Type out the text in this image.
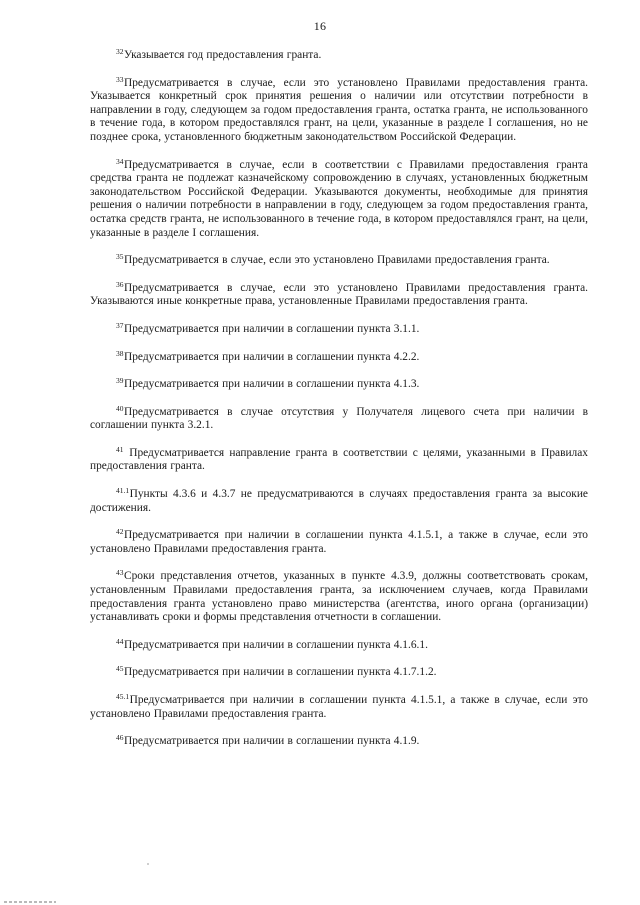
16

$^{32}$Указывается год предоставления гранта.

$^{33}$Предусматривается в случае, если это установлено Правилами предоставления гранта. Указывается конкретный срок принятия решения о наличии или отсутствии потребности в направлении в году, следующем за годом предоставления гранта, остатка гранта, не использованного в течение года, в котором предоставлялся грант, на цели, указанные в разделе I соглашения, но не позднее срока, установленного бюджетным законодательством Российской Федерации.

$^{34}$Предусматривается в случае, если в соответствии с Правилами предоставления гранта средства гранта не подлежат казначейскому сопровождению в случаях, установленных бюджетным законодательством Российской Федерации. Указываются документы, необходимые для принятия решения о наличии потребности в направлении в году, следующем за годом предоставления гранта, остатка средств гранта, не использованного в течение года, в котором предоставлялся грант, на цели, указанные в разделе I соглашения.

$^{35}$Предусматривается в случае, если это установлено Правилами предоставления гранта.

$^{36}$Предусматривается в случае, если это установлено Правилами предоставления гранта. Указываются иные конкретные права, установленные Правилами предоставления гранта.

$^{37}$Предусматривается при наличии в соглашении пункта 3.1.1.

$^{38}$Предусматривается при наличии в соглашении пункта 4.2.2.

$^{39}$Предусматривается при наличии в соглашении пункта 4.1.3.

$^{40}$Предусматривается в случае отсутствия у Получателя лицевого счета при наличии в соглашении пункта 3.2.1.

$^{41}$ Предусматривается направление гранта в соответствии с целями, указанными в Правилах предоставления гранта.

$^{41.1}$Пункты 4.3.6 и 4.3.7 не предусматриваются в случаях предоставления гранта за высокие достижения.

$^{42}$Предусматривается при наличии в соглашении пункта 4.1.5.1, а также в случае, если это установлено Правилами предоставления гранта.

$^{43}$Сроки представления отчетов, указанных в пункте 4.3.9, должны соответствовать срокам, установленным Правилами предоставления гранта, за исключением случаев, когда Правилами предоставления гранта установлено право министерства (агентства, иного органа (организации) устанавливать сроки и формы представления отчетности в соглашении.

$^{44}$Предусматривается при наличии в соглашении пункта 4.1.6.1.

$^{45}$Предусматривается при наличии в соглашении пункта 4.1.7.1.2.

$^{45.1}$Предусматривается при наличии в соглашении пункта 4.1.5.1, а также в случае, если это установлено Правилами предоставления гранта.

$^{46}$Предусматривается при наличии в соглашении пункта 4.1.9.
